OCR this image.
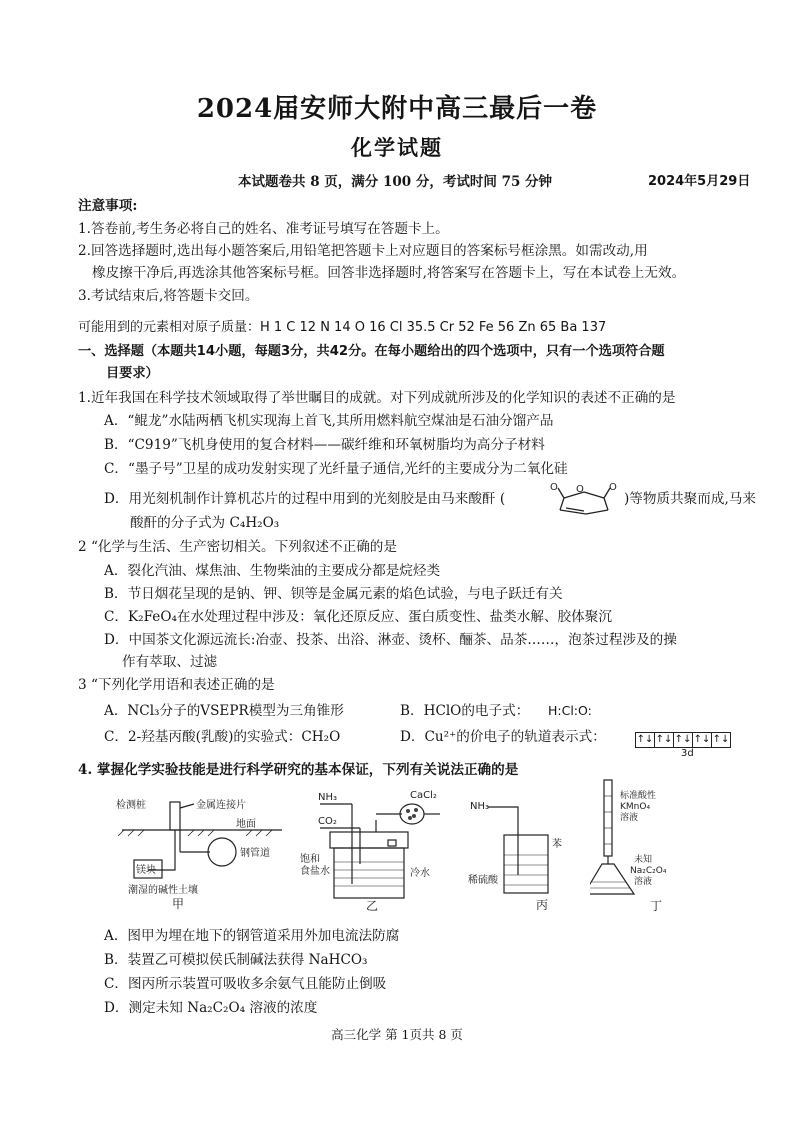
2024届安师大附中高三最后一卷
化学试题
本试题卷共 8 页，满分 100 分，考试时间 75 分钟	2024年5月29日
注意事项:
1.答卷前,考生务必将自己的姓名、准考证号填写在答题卡上。
2.回答选择题时,选出每小题答案后,用铅笔把答题卡上对应题目的答案标号框涂黑。如需改动,用
橡皮擦干净后,再选涂其他答案标号框。回答非选择题时,将答案写在答题卡上，写在本试卷上无效。
3.考试结束后,将答题卡交回。
可能用到的元素相对原子质量：H 1 C 12 N 14 O 16 Cl 35.5 Cr 52 Fe 56 Zn 65 Ba 137
一、选择题（本题共14小题，每题3分，共42分。在每小题给出的四个选项中，只有一个选项符合题
目要求）
1.近年我国在科学技术领域取得了举世瞩目的成就。对下列成就所涉及的化学知识的表述不正确的是
A．“鲲龙”水陆两栖飞机实现海上首飞,其所用燃料航空煤油是石油分馏产品
B．“C919”飞机身使用的复合材料——碳纤维和环氧树脂均为高分子材料
C．“墨子号”卫星的成功发射实现了光纤量子通信,光纤的主要成分为二氧化硅
D．用光刻机制作计算机芯片的过程中用到的光刻胶是由马来酸酐 (
O
O	O
)等物质共聚而成,马来
酸酐的分子式为 C₄H₂O₃
2 “化学与生活、生产密切相关。下列叙述不正确的是
A．裂化汽油、煤焦油、生物柴油的主要成分都是烷烃类
B．节日烟花呈现的是钠、钾、钡等是金属元素的焰色试验，与电子跃迁有关
C．K₂FeO₄在水处理过程中涉及：氧化还原反应、蛋白质变性、盐类水解、胶体聚沉
D．中国茶文化源远流长:冶壶、投茶、出浴、淋壶、烫杯、酾茶、品茶……，泡茶过程涉及的操
作有萃取、过滤
3 “下列化学用语和表述正确的是
A．NCl₃分子的VSEPR模型为三角锥形	B．HClO的电子式： H:Cl:O:
C．2-羟基丙酸(乳酸)的实验式：CH₂O	D．Cu²⁺的价电子的轨道表示式：	↑↓ ↑↓ ↑↓ ↑↓ ↑↓
3d
4. 掌握化学实验技能是进行科学研究的基本保证，下列有关说法正确的是
检测桩	金属连接片
地面
钢管道
镁块
潮湿的碱性土壤
甲
NH₃
CO₂
CaCl₂
饱和
食盐水	冷水
乙
NH₃
苯
稀硫酸
丙
标准酸性
KMnO₄
溶液
未知
Na₂C₂O₄
溶液
丁
A．图甲为埋在地下的钢管道采用外加电流法防腐
B．装置乙可模拟侯氏制碱法获得 NaHCO₃
C．图丙所示装置可吸收多余氨气且能防止倒吸
D．测定未知 Na₂C₂O₄ 溶液的浓度
高三化学 第 1页共 8 页
